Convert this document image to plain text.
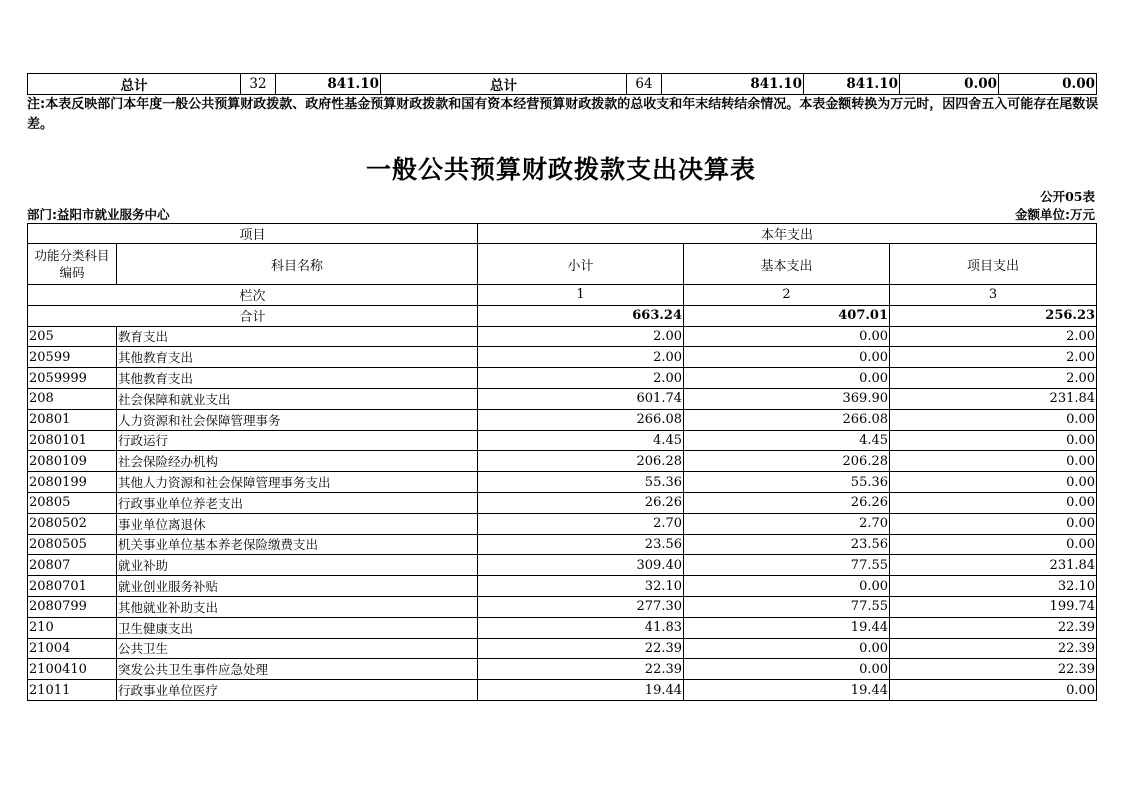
总计	32	841.10	总计	64	841.10	841.10	0.00	0.00
注:本表反映部门本年度一般公共预算财政拨款、政府性基金预算财政拨款和国有资本经营预算财政拨款的总收支和年末结转结余情况。本表金额转换为万元时，因四舍五入可能存在尾数误差。
一般公共预算财政拨款支出决算表
公开05表
部门:益阳市就业服务中心	金额单位:万元
项目		本年支出		
功能分类科目编码	科目名称	小计	基本支出	项目支出
栏次		1	2	3
合计		663.24	407.01	256.23
205	教育支出	2.00	0.00	2.00
20599	其他教育支出	2.00	0.00	2.00
2059999	其他教育支出	2.00	0.00	2.00
208	社会保障和就业支出	601.74	369.90	231.84
20801	人力资源和社会保障管理事务	266.08	266.08	0.00
2080101	行政运行	4.45	4.45	0.00
2080109	社会保险经办机构	206.28	206.28	0.00
2080199	其他人力资源和社会保障管理事务支出	55.36	55.36	0.00
20805	行政事业单位养老支出	26.26	26.26	0.00
2080502	事业单位离退休	2.70	2.70	0.00
2080505	机关事业单位基本养老保险缴费支出	23.56	23.56	0.00
20807	就业补助	309.40	77.55	231.84
2080701	就业创业服务补贴	32.10	0.00	32.10
2080799	其他就业补助支出	277.30	77.55	199.74
210	卫生健康支出	41.83	19.44	22.39
21004	公共卫生	22.39	0.00	22.39
2100410	突发公共卫生事件应急处理	22.39	0.00	22.39
21011	行政事业单位医疗	19.44	19.44	0.00
